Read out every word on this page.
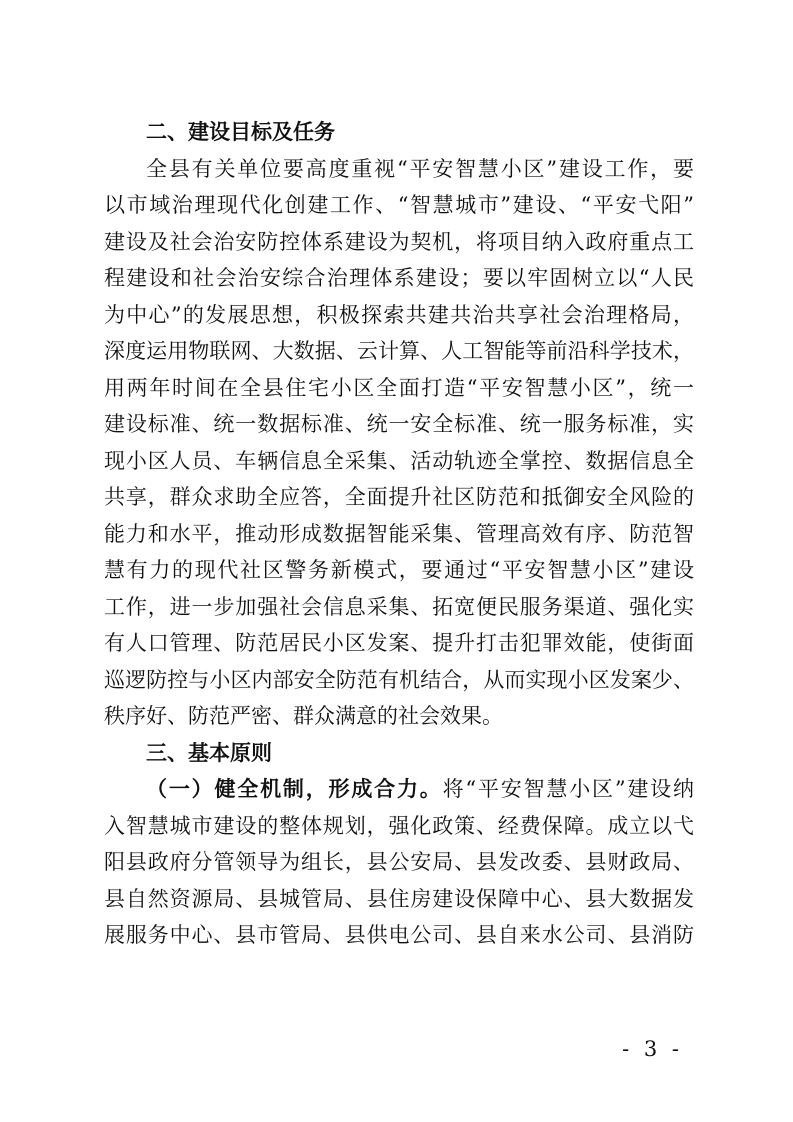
二、建设目标及任务
全县有关单位要高度重视“平安智慧小区”建设工作，要
以市域治理现代化创建工作、“智慧城市”建设、“平安弋阳”
建设及社会治安防控体系建设为契机，将项目纳入政府重点工
程建设和社会治安综合治理体系建设；要以牢固树立以“人民
为中心”的发展思想，积极探索共建共治共享社会治理格局，
深度运用物联网、大数据、云计算、人工智能等前沿科学技术，
用两年时间在全县住宅小区全面打造“平安智慧小区”，统一
建设标准、统一数据标准、统一安全标准、统一服务标准，实
现小区人员、车辆信息全采集、活动轨迹全掌控、数据信息全
共享，群众求助全应答，全面提升社区防范和抵御安全风险的
能力和水平，推动形成数据智能采集、管理高效有序、防范智
慧有力的现代社区警务新模式，要通过“平安智慧小区”建设
工作，进一步加强社会信息采集、拓宽便民服务渠道、强化实
有人口管理、防范居民小区发案、提升打击犯罪效能，使街面
巡逻防控与小区内部安全防范有机结合，从而实现小区发案少、
秩序好、防范严密、群众满意的社会效果。
三、基本原则
（一）健全机制，形成合力。将“平安智慧小区”建设纳
入智慧城市建设的整体规划，强化政策、经费保障。成立以弋
阳县政府分管领导为组长，县公安局、县发改委、县财政局、
县自然资源局、县城管局、县住房建设保障中心、县大数据发
展服务中心、县市管局、县供电公司、县自来水公司、县消防
- 3 -
